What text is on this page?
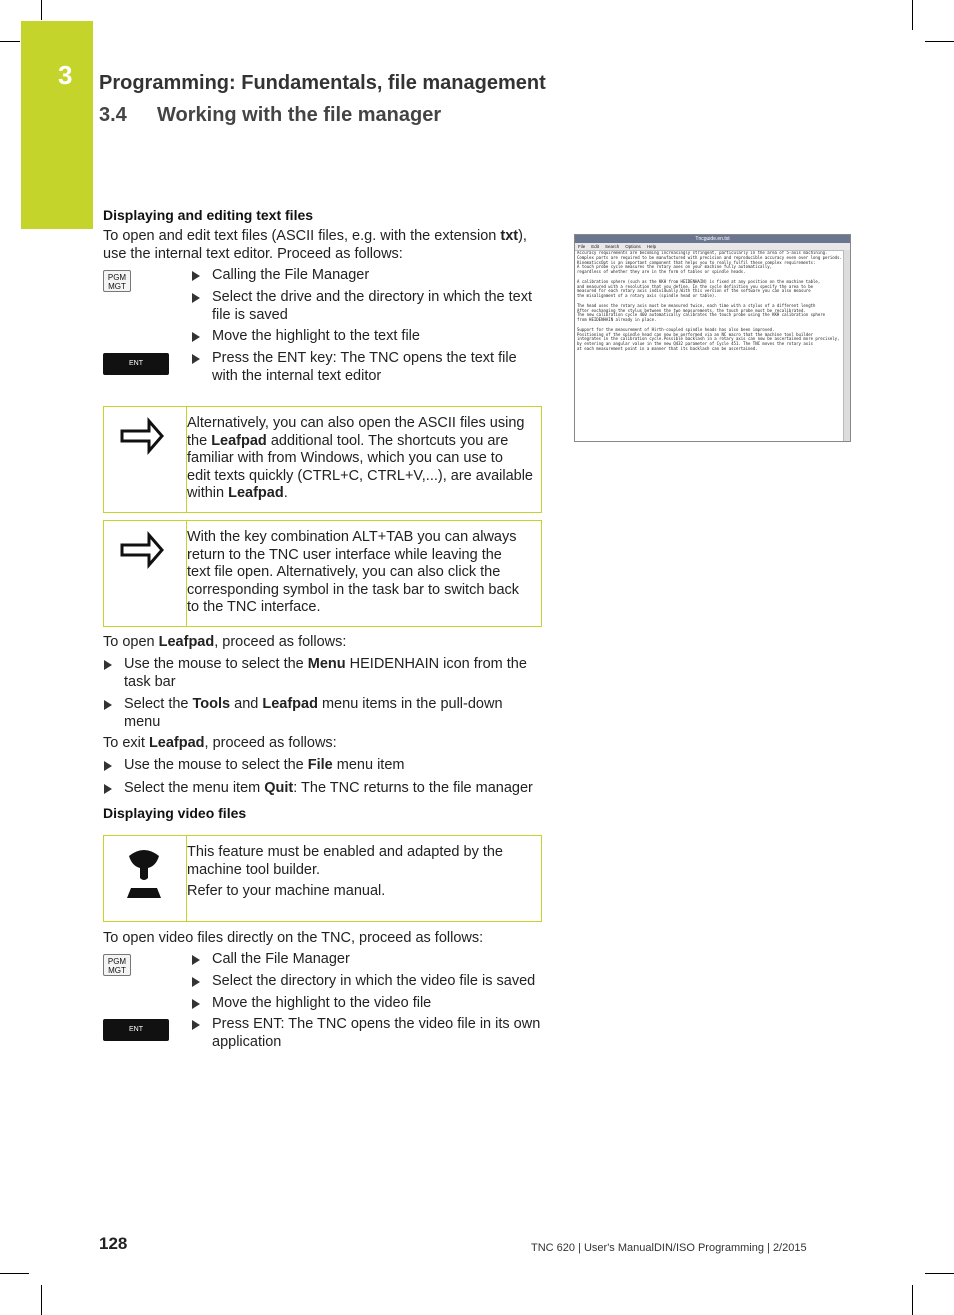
3 Programming: Fundamentals, file management
3.4 Working with the file manager
Displaying and editing text files
To open and edit text files (ASCII files, e.g. with the extension txt),
use the internal text editor. Proceed as follows:
PGM
MGT
ENT
Calling the File Manager
Select the drive and the directory in which the text
file is saved
Move the highlight to the text file
Press the ENT key: The TNC opens the text file
with the internal text editor
Alternatively, you can also open the ASCII files using
the Leafpad additional tool. The shortcuts you are
familiar with from Windows, which you can use to
edit texts quickly (CTRL+C, CTRL+V,...), are available
within Leafpad.
With the key combination ALT+TAB you can always
return to the TNC user interface while leaving the
text file open. Alternatively, you can also click the
corresponding symbol in the task bar to switch back
to the TNC interface.
To open Leafpad, proceed as follows:
Use the mouse to select the Menu HEIDENHAIN icon from the
task bar
Select the Tools and Leafpad menu items in the pull-down
menu
To exit Leafpad, proceed as follows:
Use the mouse to select the File menu item
Select the menu item Quit: The TNC returns to the file manager
Displaying video files
This feature must be enabled and adapted by the
machine tool builder.
Refer to your machine manual.
To open video files directly on the TNC, proceed as follows:
PGM
MGT
ENT
Call the File Manager
Select the directory in which the video file is saved
Move the highlight to the video file
Press ENT: The TNC opens the video file in its own
application
Tncguide.en.txt
File Edit Search Options Help
Accuracy requirements are becoming increasingly stringent, particularly in the area of 5-axis machining.
Complex parts are required to be manufactured with precision and reproducible accuracy even over long periods.
KinematicsOpt is an important component that helps you to really fulfil these complex requirements:
A touch probe cycle measures the rotary axes on your machine fully automatically,
regardless of whether they are in the form of tables or spindle heads.
A calibration sphere (such as the KKH from HEIDENHAIN) is fixed at any position on the machine table,
and measured with a resolution that you define. In the cycle definition you specify the area to be
measured for each rotary axis individually.With this version of the software you can also measure
the misalignment of a rotary axis (spindle head or table).
The head uses the rotary axis must be measured twice, each time with a stylus of a different length
After exchanging the stylus between the two measurements, the touch probe must be recalibrated.
The new calibration cycle 460 automatically calibrates the touch probe using the KKH calibration sphere
from HEIDENHAIN already in place.
Support for the measurement of Hirth-coupled spindle heads has also been improved.
Positioning of the spindle head can now be performed via an NC macro that the machine tool builder
integrates in the calibration cycle.Possible backlash in a rotary axis can now be ascertained more precisely,
by entering an angular value in the new Q432 parameter of Cycle 451. The TNC moves the rotary axis
at each measurement point in a manner that its backlash can be ascertained.
128	TNC 620 | User's ManualDIN/ISO Programming | 2/2015
